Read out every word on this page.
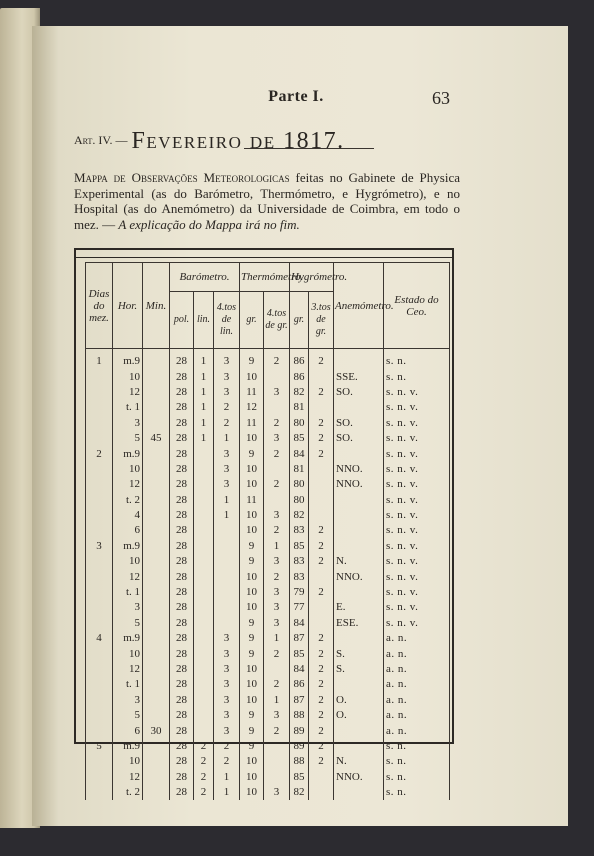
Parte I.	63
$^{Art. IV. —}$ Fevereiro de 1817.
Mappa de Observações Meteorologicas feitas no Gabinete de Physica Experimental (as do Barómetro, Thermómetro, e Hygrómetro), e no Hospital (as do Anemómetro) da Universidade de Coimbra, em todo o mez. — A explicação do Mappa irá no fim.
Dias do mez.	Hor.	Min.	Barómetro.			Thermómetro.		Hygrómetro.		Anemómetro.	Estado do Ceo.
			pol.	lin.	4.tos de lin.	gr.	4.tos de gr.	gr.	3.tos de gr.		
1	m.9		28	1	3	9	2	86	2		s. n.
	10		28	1	3	10		86		SSE.	s. n.
	12		28	1	3	11	3	82	2	SO.	s. n. v.
	t. 1		28	1	2	12		81			s. n. v.
	3		28	1	2	11	2	80	2	SO.	s. n. v.
	5	45	28	1	1	10	3	85	2	SO.	s. n. v.
2	m.9		28		3	9	2	84	2		s. n. v.
	10		28		3	10		81		NNO.	s. n. v.
	12		28		3	10	2	80		NNO.	s. n. v.
	t. 2		28		1	11		80			s. n. v.
	4		28		1	10	3	82			s. n. v.
	6		28			10	2	83	2		s. n. v.
3	m.9		28			9	1	85	2		s. n. v.
	10		28			9	3	83	2	N.	s. n. v.
	12		28			10	2	83		NNO.	s. n. v.
	t. 1		28			10	3	79	2		s. n. v.
	3		28			10	3	77		E.	s. n. v.
	5		28			9	3	84		ESE.	s. n. v.
4	m.9		28		3	9	1	87	2		a. n.
	10		28		3	9	2	85	2	S.	a. n.
	12		28		3	10		84	2	S.	a. n.
	t. 1		28		3	10	2	86	2		a. n.
	3		28		3	10	1	87	2	O.	a. n.
	5		28		3	9	3	88	2	O.	a. n.
	6	30	28		3	9	2	89	2		a. n.
5	m.9		28	2	2	9		89	2		s. n.
	10		28	2	2	10		88	2	N.	s. n.
	12		28	2	1	10		85		NNO.	s. n.
	t. 2		28	2	1	10	3	82			s. n.
